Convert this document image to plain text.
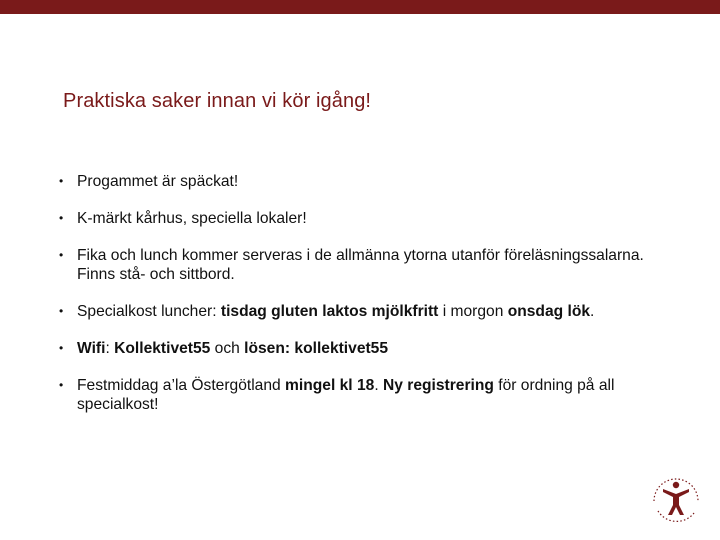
Praktiska saker innan vi kör igång!
• Progammet är späckat!
• K-märkt kårhus, speciella lokaler!
• Fika och lunch kommer serveras i de allmänna ytorna utanför föreläsningssalarna. Finns stå- och sittbord.
• Specialkost luncher: tisdag gluten laktos mjölkfritt i morgon onsdag lök.
• Wifi: Kollektivet55 och lösen: kollektivet55
• Festmiddag a’la Östergötland mingel kl 18. Ny registrering för ordning på all specialkost!
